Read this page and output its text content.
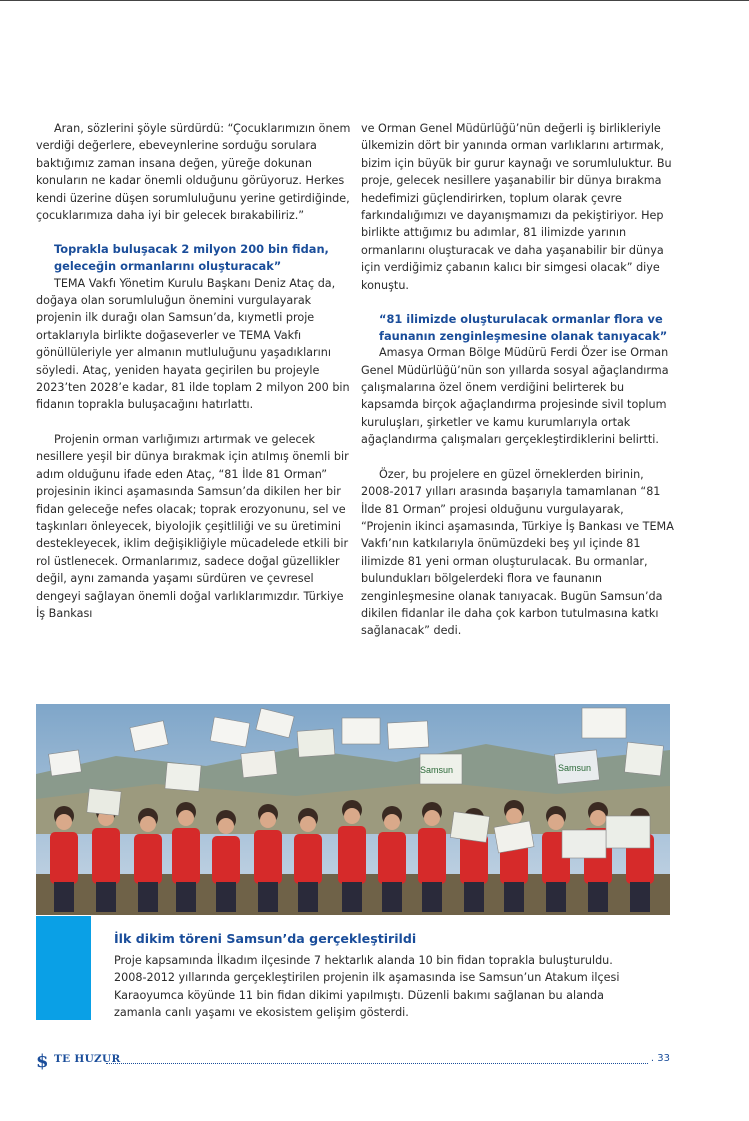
Aran, sözlerini şöyle sürdürdü: “Çocuklarımızın önem verdiği değerlere, ebeveynlerine sorduğu sorulara baktığımız zaman insana değen, yüreğe dokunan konuların ne kadar önemli olduğunu görüyoruz. Herkes kendi üzerine düşen sorumluluğunu yerine getirdiğinde, çocuklarımıza daha iyi bir gelecek bırakabiliriz.”

Toprakla buluşacak 2 milyon 200 bin fidan, geleceğin ormanlarını oluşturacak”

TEMA Vakfı Yönetim Kurulu Başkanı Deniz Ataç da, doğaya olan sorumluluğun önemini vurgulayarak projenin ilk durağı olan Samsun’da, kıymetli proje ortaklarıyla birlikte doğaseverler ve TEMA Vakfı gönüllüleriyle yer almanın mutluluğunu yaşadıklarını söyledi. Ataç, yeniden hayata geçirilen bu projeyle 2023’ten 2028’e kadar, 81 ilde toplam 2 milyon 200 bin fidanın toprakla buluşacağını hatırlattı.

Projenin orman varlığımızı artırmak ve gelecek nesillere yeşil bir dünya bırakmak için atılmış önemli bir adım olduğunu ifade eden Ataç, “81 İlde 81 Orman” projesinin ikinci aşamasında Samsun’da dikilen her bir fidan geleceğe nefes olacak; toprak erozyonunu, sel ve taşkınları önleyecek, biyolojik çeşitliliği ve su üretimini destekleyecek, iklim değişikliğiyle mücadelede etkili bir rol üstlenecek. Ormanlarımız, sadece doğal güzellikler değil, aynı zamanda yaşamı sürdüren ve çevresel dengeyi sağlayan önemli doğal varlıklarımızdır. Türkiye İş Bankası

ve Orman Genel Müdürlüğü’nün değerli iş birlikleriyle ülkemizin dört bir yanında orman varlıklarını artırmak, bizim için büyük bir gurur kaynağı ve sorumluluktur. Bu proje, gelecek nesillere yaşanabilir bir dünya bırakma hedefimizi güçlendirirken, toplum olarak çevre farkındalığımızı ve dayanışmamızı da pekiştiriyor. Hep birlikte attığımız bu adımlar, 81 ilimizde yarının ormanlarını oluşturacak ve daha yaşanabilir bir dünya için verdiğimiz çabanın kalıcı bir simgesi olacak” diye konuştu.

“81 ilimizde oluşturulacak ormanlar flora ve faunanın zenginleşmesine olanak tanıyacak”

Amasya Orman Bölge Müdürü Ferdi Özer ise Orman Genel Müdürlüğü’nün son yıllarda sosyal ağaçlandırma çalışmalarına özel önem verdiğini belirterek bu kapsamda birçok ağaçlandırma projesinde sivil toplum kuruluşları, şirketler ve kamu kurumlarıyla ortak ağaçlandırma çalışmaları gerçekleştirdiklerini belirtti.

Özer, bu projelere en güzel örneklerden birinin, 2008-2017 yılları arasında başarıyla tamamlanan “81 İlde 81 Orman” projesi olduğunu vurgulayarak, “Projenin ikinci aşamasında, Türkiye İş Bankası ve TEMA Vakfı’nın katkılarıyla önümüzdeki beş yıl içinde 81 ilimizde 81 yeni orman oluşturulacak. Bu ormanlar, bulundukları bölgelerdeki flora ve faunanın zenginleşmesine olanak tanıyacak. Bugün Samsun’da dikilen fidanlar ile daha çok karbon tutulmasına katkı sağlanacak” dedi.

Samsun	Samsun
İlk dikim töreni Samsun’da gerçekleştirildi

Proje kapsamında İlkadım ilçesinde 7 hektarlık alanda 10 bin fidan toprakla buluşturuldu. 2008-2012 yıllarında gerçekleştirilen projenin ilk aşamasında ise Samsun’un Atakum ilçesi Karaoyumca köyünde 11 bin fidan dikimi yapılmıştı. Düzenli bakımı sağlanan bu alanda zamanla canlı yaşamı ve ekosistem gelişim gösterdi.

$ TE HUZUR	. 33
